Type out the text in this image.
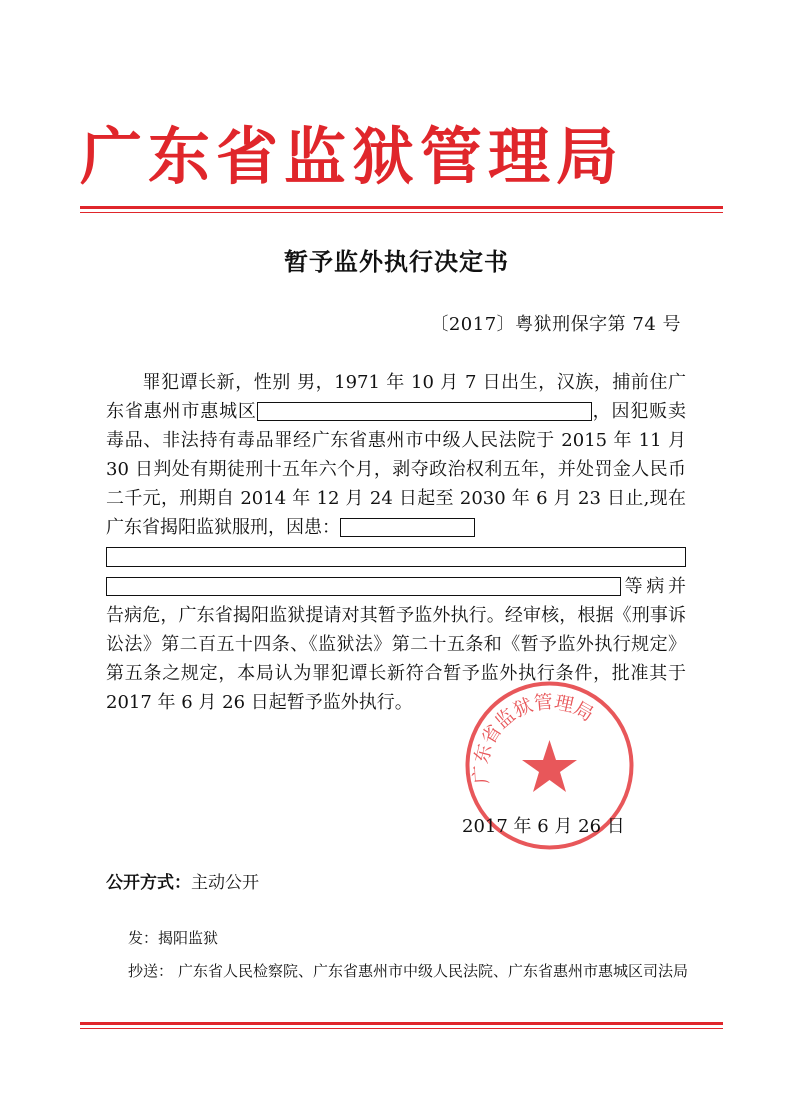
广东省监狱管理局
暂予监外执行决定书
〔2017〕粤狱刑保字第 74 号
罪犯谭长新，性别 男，1971 年 10 月 7 日出生，汉族，捕前住广东省惠州市惠城区	，因犯贩卖毒品、非法持有毒品罪经广东省惠州市中级人民法院于 2015 年 11 月 30 日判处有期徒刑十五年六个月，剥夺政治权利五年，并处罚金人民币二千元，刑期自 2014 年 12 月 24 日起至 2030 年 6 月 23 日止,现在广东省揭阳监狱服刑，因患：
等病并告病危，广东省揭阳监狱提请对其暂予监外执行。经审核，根据《刑事诉讼法》第二百五十四条、《监狱法》第二十五条和《暂予监外执行规定》第五条之规定，本局认为罪犯谭长新符合暂予监外执行条件，批准其于 2017 年 6 月 26 日起暂予监外执行。
广东省监狱管理局
2017 年 6 月 26 日
公开方式：主动公开
发：揭阳监狱
抄送： 广东省人民检察院、广东省惠州市中级人民法院、广东省惠州市惠城区司法局
